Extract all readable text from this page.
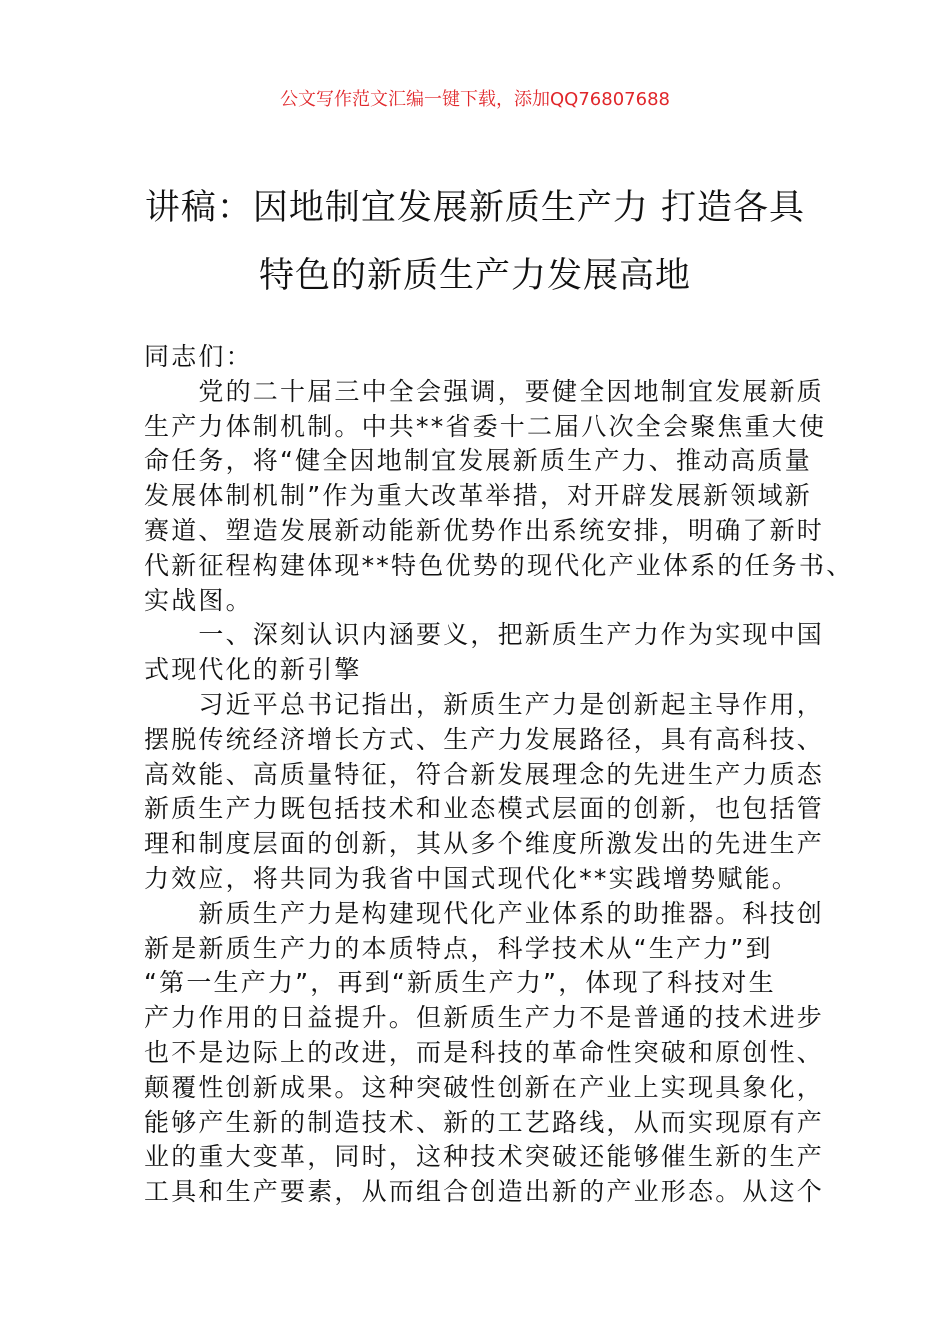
公文写作范文汇编一键下载，添加QQ76807688
讲稿：因地制宜发展新质生产力 打造各具
特色的新质生产力发展高地
同志们：
　　党的二十届三中全会强调，要健全因地制宜发展新质
生产力体制机制。中共**省委十二届八次全会聚焦重大使
命任务，将“健全因地制宜发展新质生产力、推动高质量
发展体制机制”作为重大改革举措，对开辟发展新领域新
赛道、塑造发展新动能新优势作出系统安排，明确了新时
代新征程构建体现**特色优势的现代化产业体系的任务书、
实战图。
　　一、深刻认识内涵要义，把新质生产力作为实现中国
式现代化的新引擎
　　习近平总书记指出，新质生产力是创新起主导作用，
摆脱传统经济增长方式、生产力发展路径，具有高科技、
高效能、高质量特征，符合新发展理念的先进生产力质态
新质生产力既包括技术和业态模式层面的创新，也包括管
理和制度层面的创新，其从多个维度所激发出的先进生产
力效应，将共同为我省中国式现代化**实践增势赋能。
　　新质生产力是构建现代化产业体系的助推器。科技创
新是新质生产力的本质特点，科学技术从“生产力”到
“第一生产力”，再到“新质生产力”，体现了科技对生
产力作用的日益提升。但新质生产力不是普通的技术进步
也不是边际上的改进，而是科技的革命性突破和原创性、
颠覆性创新成果。这种突破性创新在产业上实现具象化，
能够产生新的制造技术、新的工艺路线，从而实现原有产
业的重大变革，同时，这种技术突破还能够催生新的生产
工具和生产要素，从而组合创造出新的产业形态。从这个
